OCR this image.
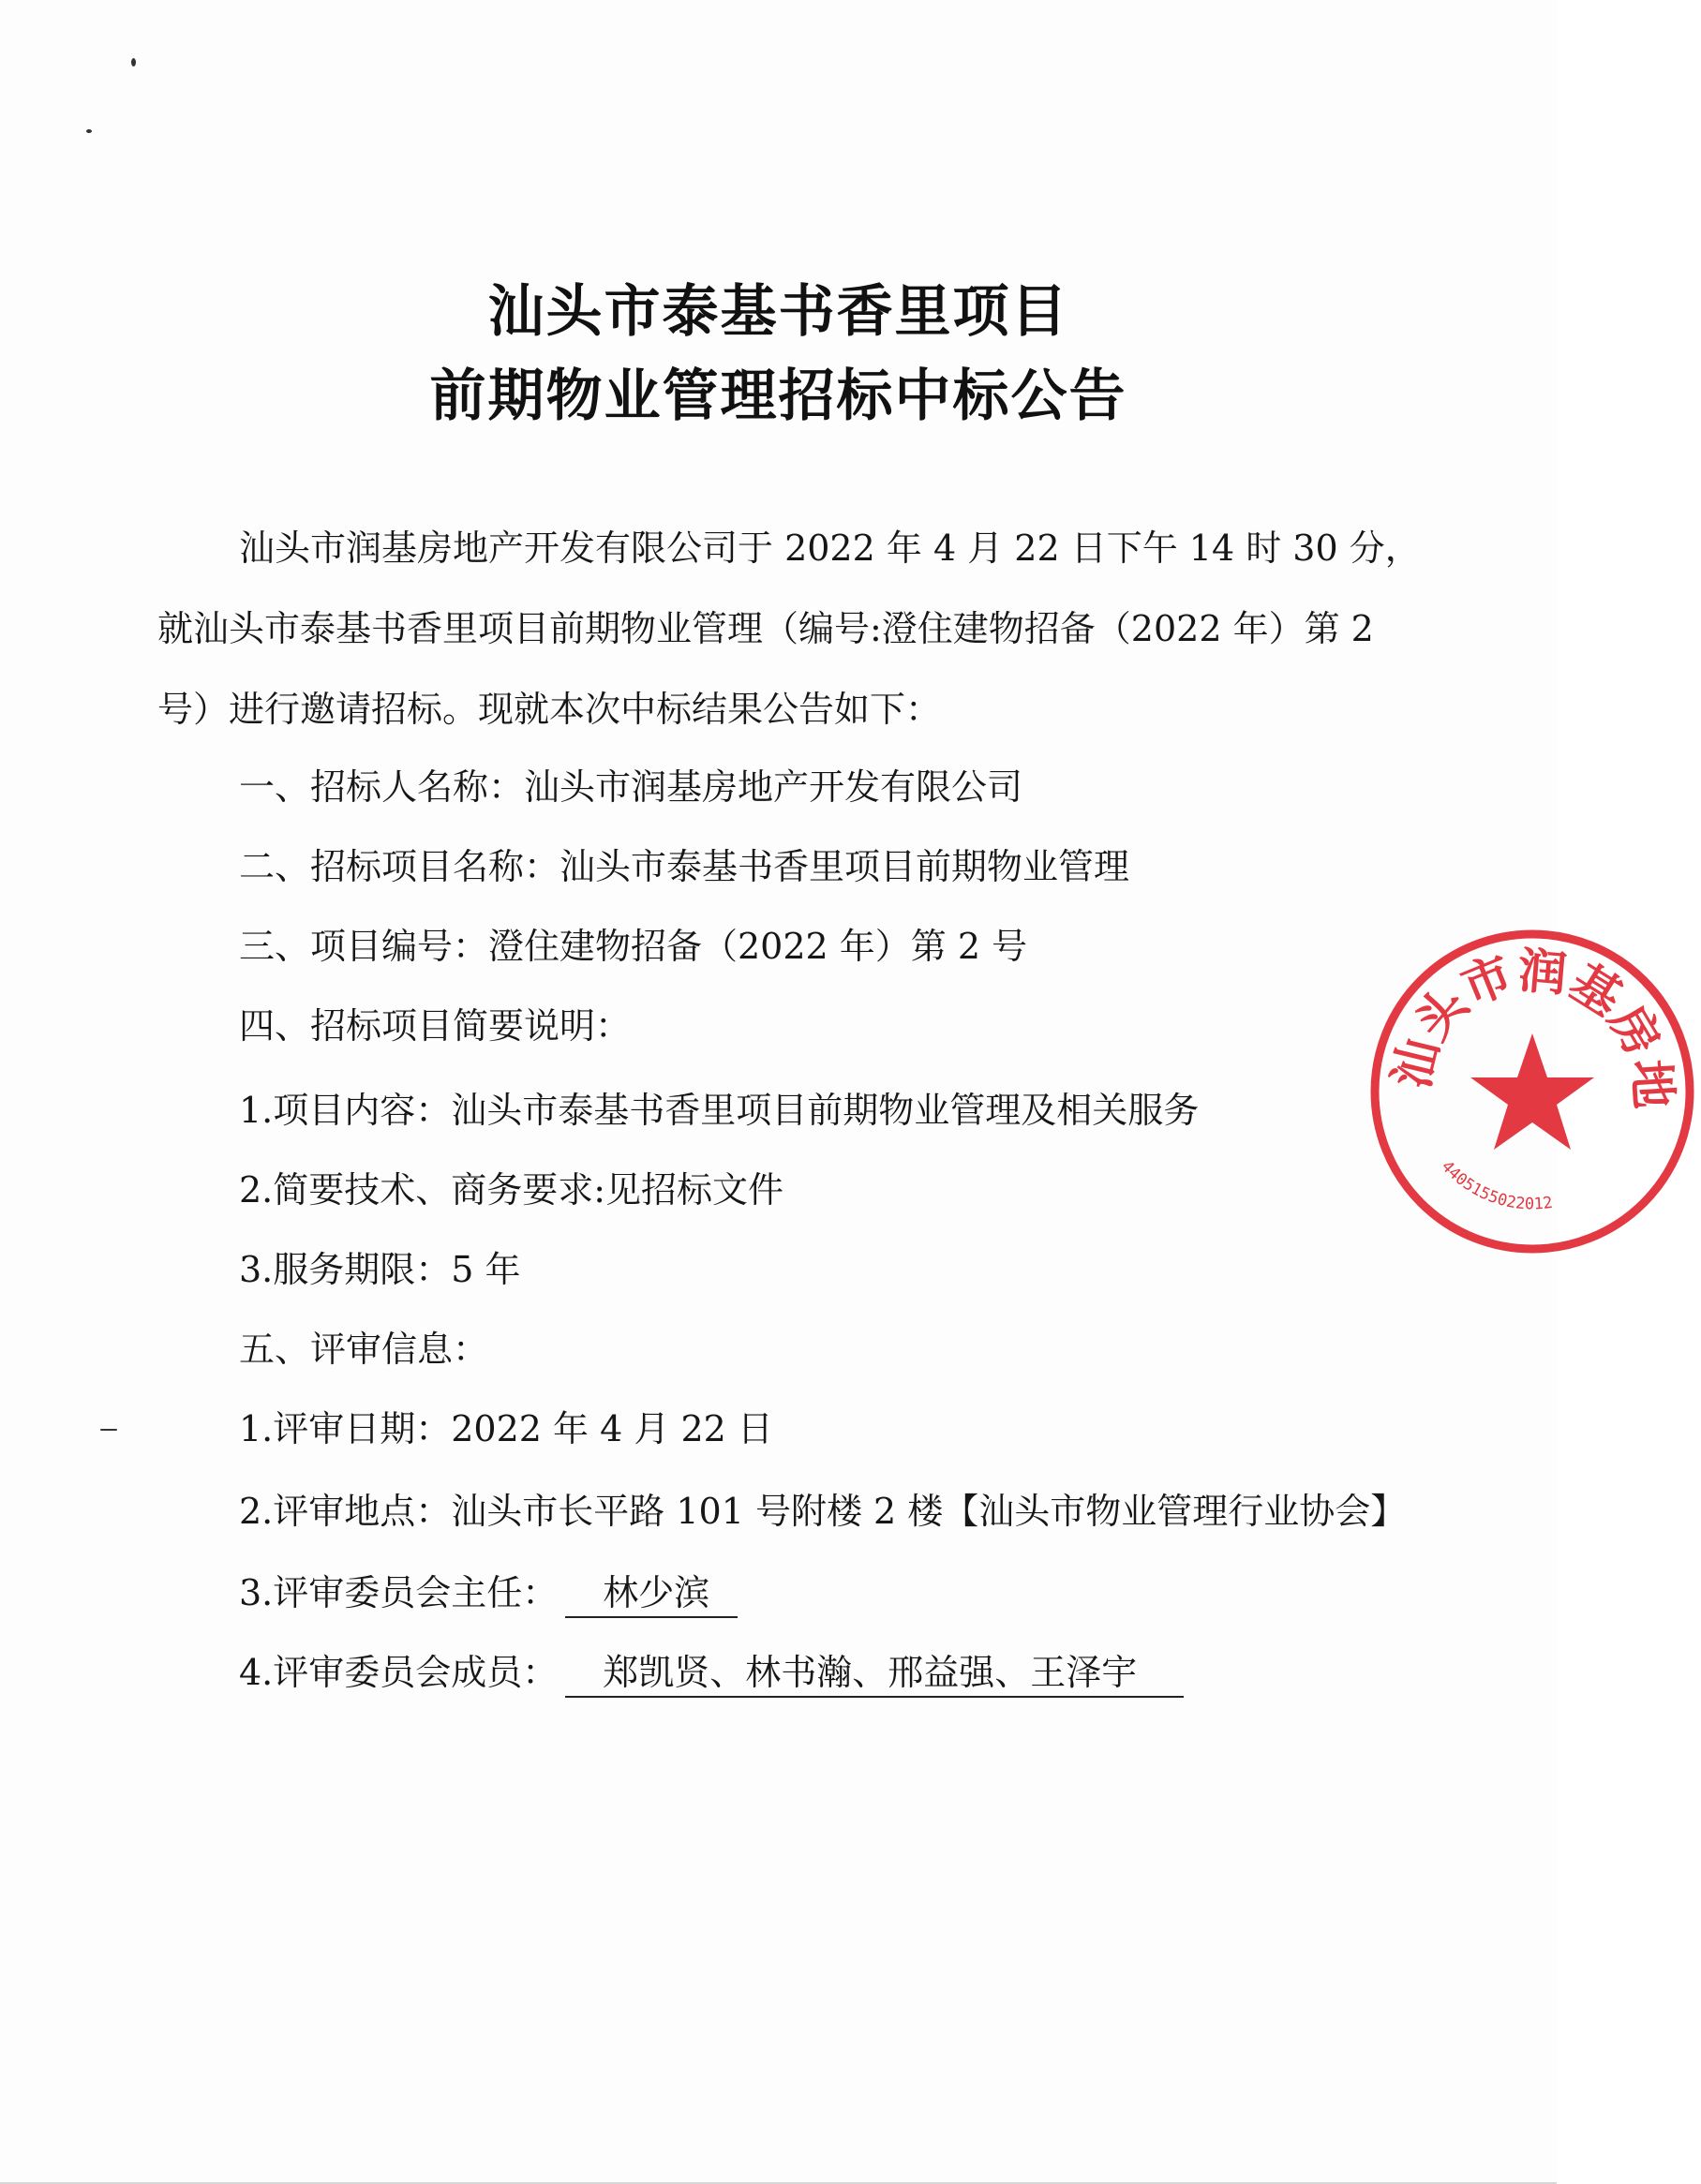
汕头市泰基书香里项目
前期物业管理招标中标公告
汕头市润基房地产开发有限公司于 2022 年 4 月 22 日下午 14 时 30 分，
就汕头市泰基书香里项目前期物业管理（编号:澄住建物招备（2022 年）第 2
号）进行邀请招标。现就本次中标结果公告如下：
一、招标人名称：汕头市润基房地产开发有限公司
二、招标项目名称：汕头市泰基书香里项目前期物业管理
三、项目编号：澄住建物招备（2022 年）第 2 号
四、招标项目简要说明：
1.项目内容：汕头市泰基书香里项目前期物业管理及相关服务
2.简要技术、商务要求:见招标文件
3.服务期限：5 年
五、评审信息：
1.评审日期：2022 年 4 月 22 日
2.评审地点：汕头市长平路 101 号附楼 2 楼【汕头市物业管理行业协会】
3.评审委员会主任： 林少滨
4.评审委员会成员： 郑凯贤、林书瀚、邢益强、王泽宇
汕头市润基房地
4405155022012
